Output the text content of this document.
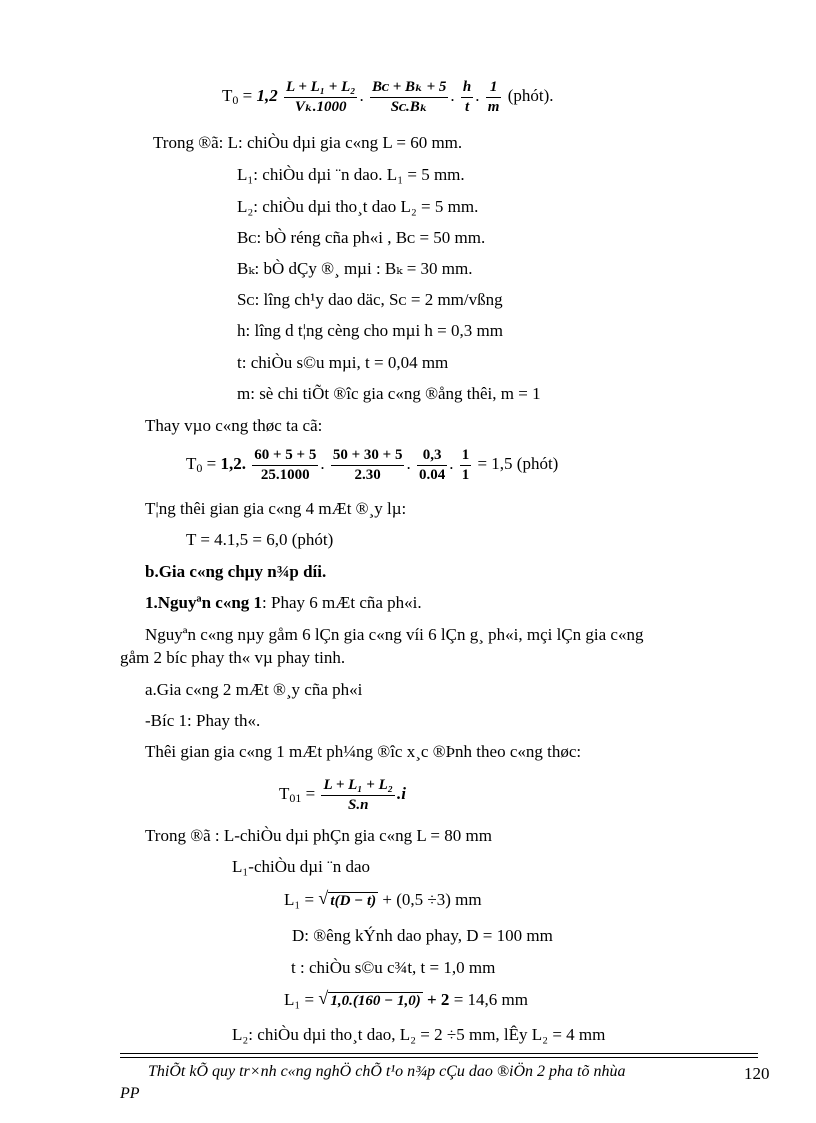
$T_0 = 1,2 \frac{\text{L + L₁ + L₂}}{\text{Vₖ.1000}}$ . $\frac{\text{Bᴄ + Bₖ + 5}}{\text{Sᴄ.Bₖ}}$ . $\frac{h}{t}$ . $\frac{1}{m}$ (phót).
Trong ®ã: L: chiÒu dµi gia c«ng L = 60 mm.
L₁: chiÒu dµi ¨n dao. L₁ = 5 mm.
L₂: chiÒu dµi tho¸t dao L₂ = 5 mm.
Bᴄ: bÒ réng cña ph«i , Bᴄ = 50 mm.
Bₖ: bÒ dÇy ®¸ mµi : Bₖ = 30 mm.
Sᴄ: lîng ch¹y dao däc, Sᴄ = 2 mm/vßng
h: lîng d t¦ng cèng cho mµi h = 0,3 mm
t: chiÒu s©u mµi, t = 0,04 mm
m: sè chi tiÕt ®îc gia c«ng ®ång thêi, m = 1
Thay vµo c«ng thøc ta cã:
$T_0 = 1,2$. $\frac{60 + 5 + 5}{25.1000}$ . $\frac{50 + 30 + 5}{2.30}$ . $\frac{0,3}{0.04}$ . $\frac{1}{1} = 1,5$ (phót)
T¦ng thêi gian gia c«ng 4 mÆt ®¸y lµ:
T = 4.1,5 = 6,0 (phót)
b.Gia c«ng chµy n¾p díi.
1.Nguyªn c«ng 1: Phay 6 mÆt cña ph«i.
Nguyªn c«ng nµy gåm 6 lÇn gia c«ng víi 6 lÇn g¸ ph«i, mçi lÇn gia c«ng
gåm 2 bíc phay th« vµ phay tinh.
a.Gia c«ng 2 mÆt ®¸y cña ph«i
-Bíc 1: Phay th«.
Thêi gian gia c«ng 1 mÆt ph¼ng ®îc x¸c ®Þnh theo c«ng thøc:
$T_{01} = \frac{\text{L + L₁ + L₂}}{S.n} .i$
Trong ®ã : L-chiÒu dµi phÇn gia c«ng L = 80 mm
L₁-chiÒu dµi ¨n dao
L₁ = √ t(D − t) + (0,5 ÷3) mm
D: ®êng kÝnh dao phay, D = 100 mm
t : chiÒu s©u c¾t, t = 1,0 mm
L₁ = √ 1,0.(160 − 1,0) + 2 = 14,6 mm
L₂: chiÒu dµi tho¸t dao, L₂ = 2 ÷5 mm, lÊy L₂ = 4 mm
ThiÕt kÕ quy tr×nh c«ng nghÖ chÕ t¹o n¾p cÇu dao ®iÖn 2 pha tõ nhùa
PP
120
